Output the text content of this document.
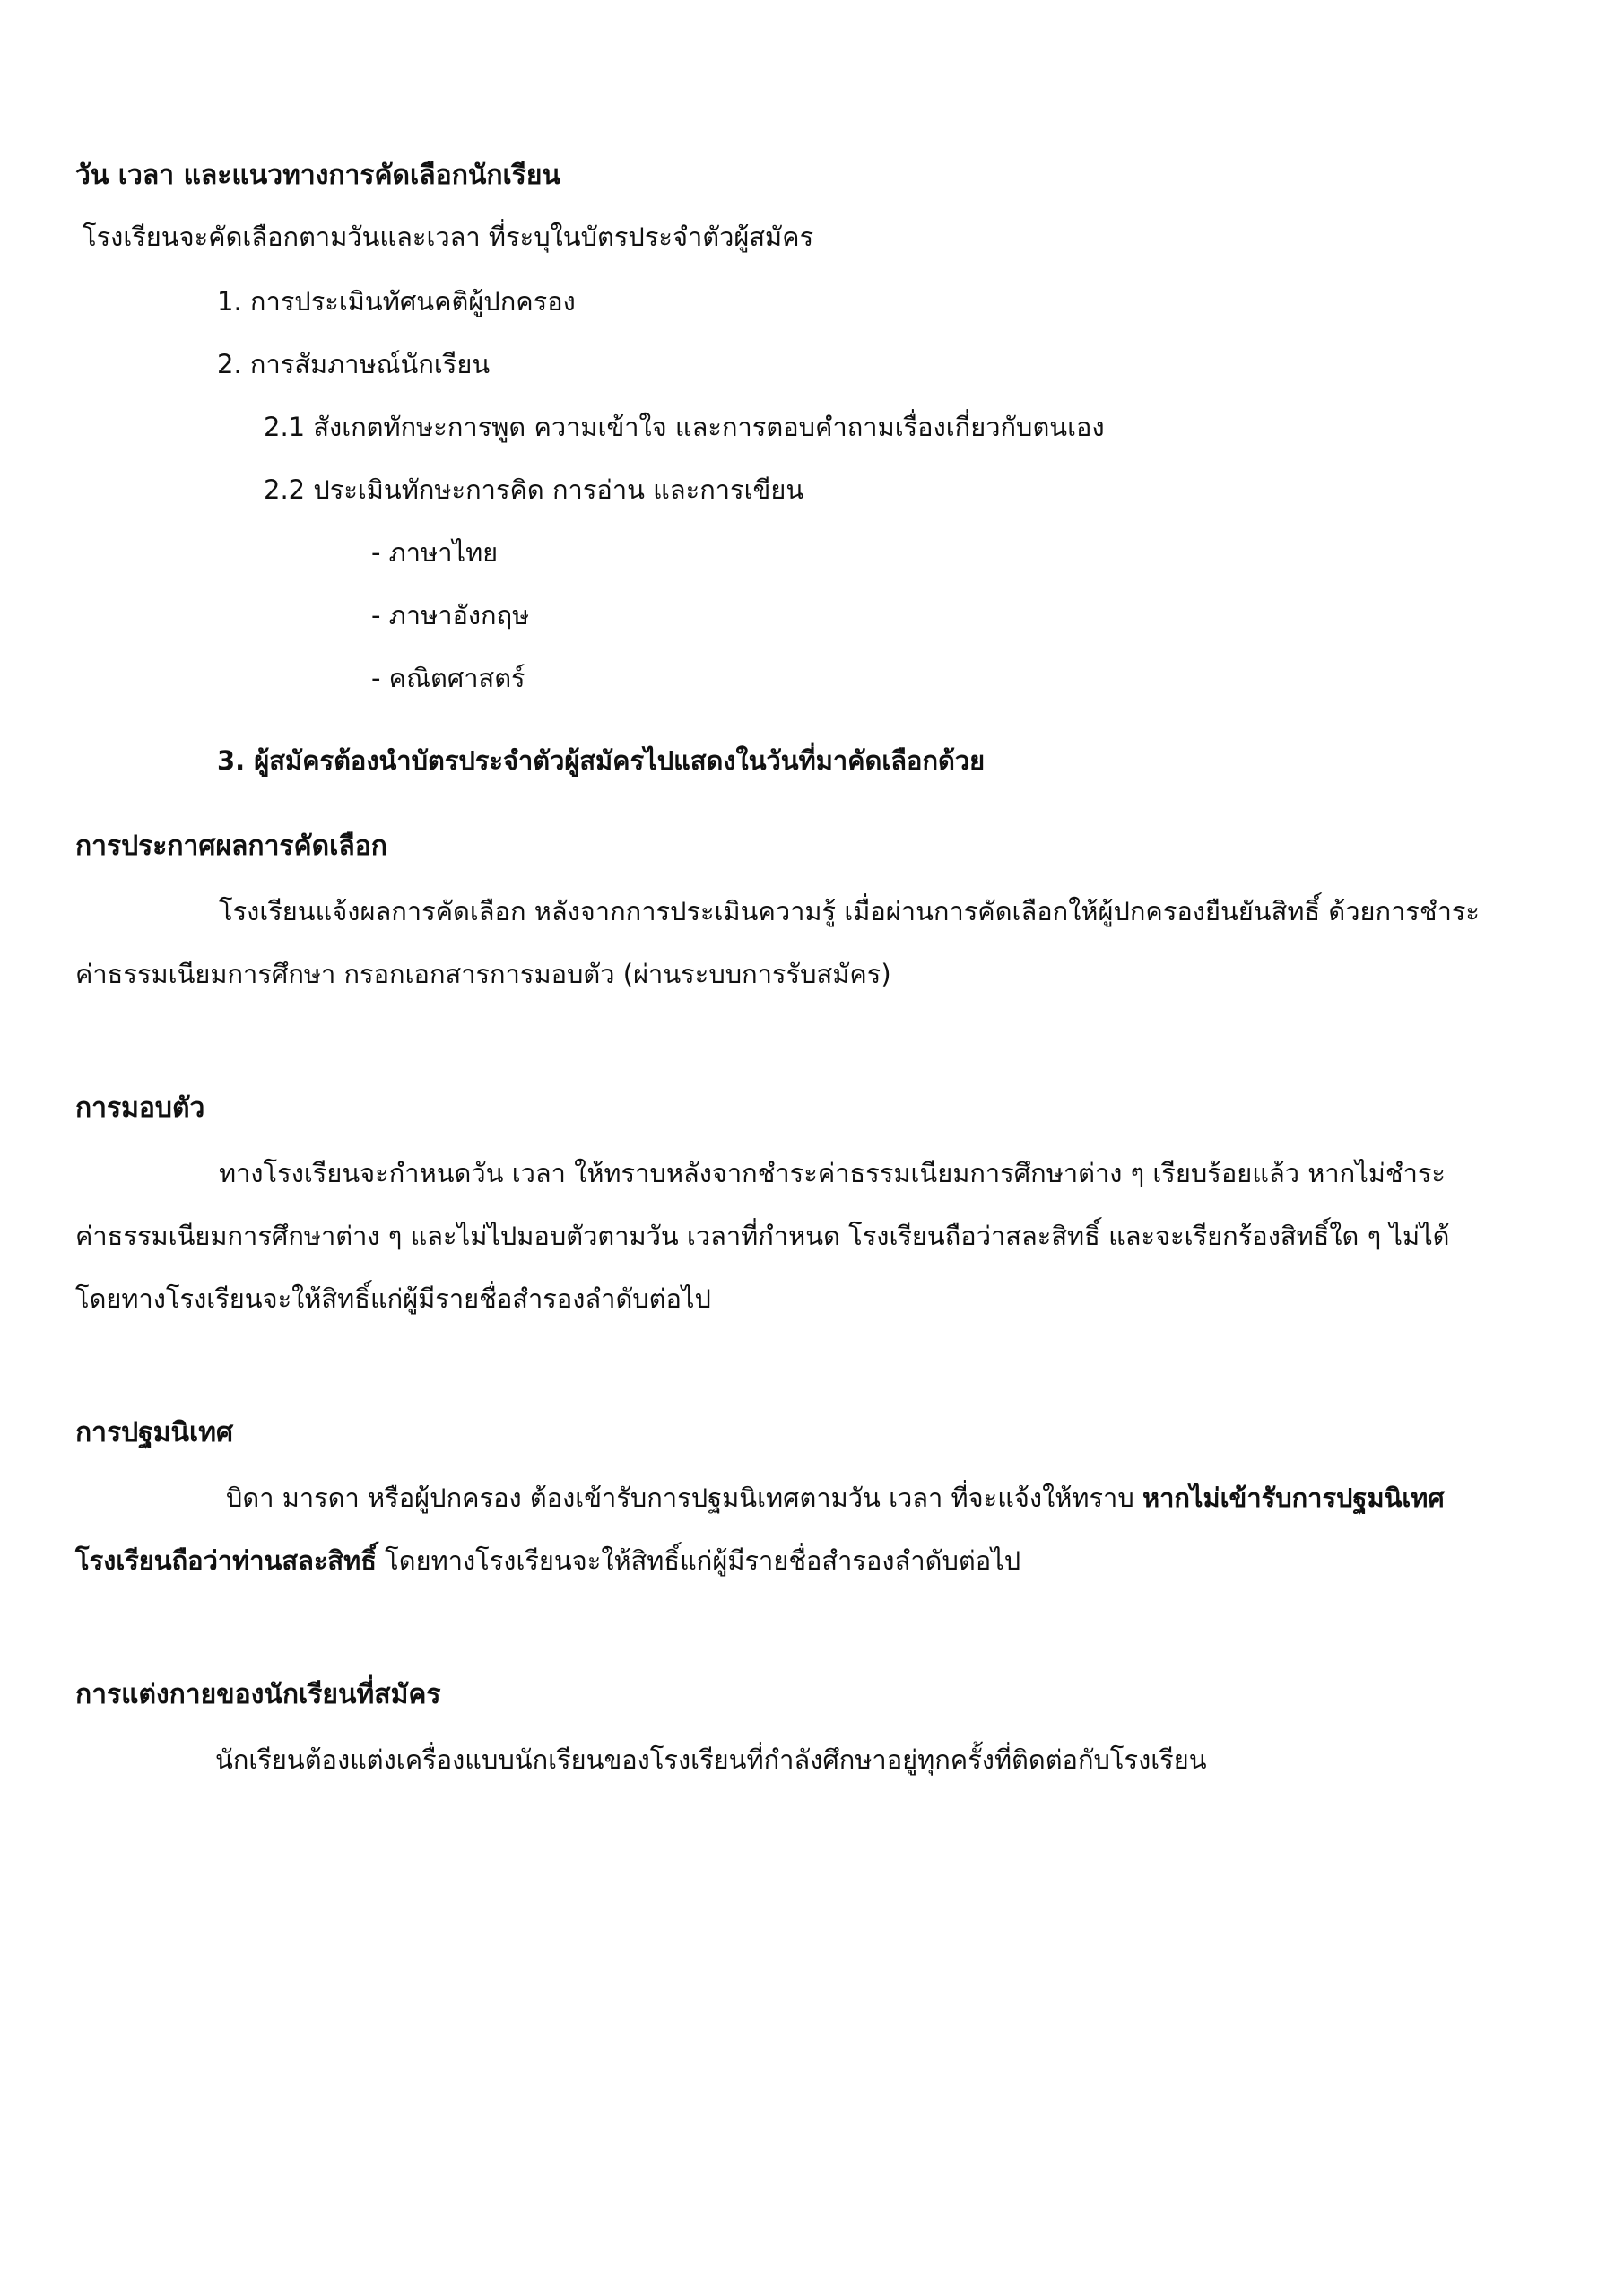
วัน เวลา และแนวทางการคัดเลือกนักเรียน
โรงเรียนจะคัดเลือกตามวันและเวลา ที่ระบุในบัตรประจำตัวผู้สมัคร
1. การประเมินทัศนคติผู้ปกครอง
2. การสัมภาษณ์นักเรียน
2.1 สังเกตทักษะการพูด ความเข้าใจ และการตอบคำถามเรื่องเกี่ยวกับตนเอง
2.2 ประเมินทักษะการคิด การอ่าน และการเขียน
- ภาษาไทย
- ภาษาอังกฤษ
- คณิตศาสตร์
3. ผู้สมัครต้องนำบัตรประจำตัวผู้สมัครไปแสดงในวันที่มาคัดเลือกด้วย
การประกาศผลการคัดเลือก
โรงเรียนแจ้งผลการคัดเลือก หลังจากการประเมินความรู้ เมื่อผ่านการคัดเลือกให้ผู้ปกครองยืนยันสิทธิ์ ด้วยการชำระ
ค่าธรรมเนียมการศึกษา กรอกเอกสารการมอบตัว (ผ่านระบบการรับสมัคร)
การมอบตัว
ทางโรงเรียนจะกำหนดวัน เวลา ให้ทราบหลังจากชำระค่าธรรมเนียมการศึกษาต่าง ๆ เรียบร้อยแล้ว หากไม่ชำระ
ค่าธรรมเนียมการศึกษาต่าง ๆ และไม่ไปมอบตัวตามวัน เวลาที่กำหนด โรงเรียนถือว่าสละสิทธิ์ และจะเรียกร้องสิทธิ์ใด ๆ ไม่ได้
โดยทางโรงเรียนจะให้สิทธิ์แก่ผู้มีรายชื่อสำรองลำดับต่อไป
การปฐมนิเทศ
บิดา มารดา หรือผู้ปกครอง ต้องเข้ารับการปฐมนิเทศตามวัน เวลา ที่จะแจ้งให้ทราบ หากไม่เข้ารับการปฐมนิเทศ
โรงเรียนถือว่าท่านสละสิทธิ์ โดยทางโรงเรียนจะให้สิทธิ์แก่ผู้มีรายชื่อสำรองลำดับต่อไป
การแต่งกายของนักเรียนที่สมัคร
นักเรียนต้องแต่งเครื่องแบบนักเรียนของโรงเรียนที่กำลังศึกษาอยู่ทุกครั้งที่ติดต่อกับโรงเรียน
